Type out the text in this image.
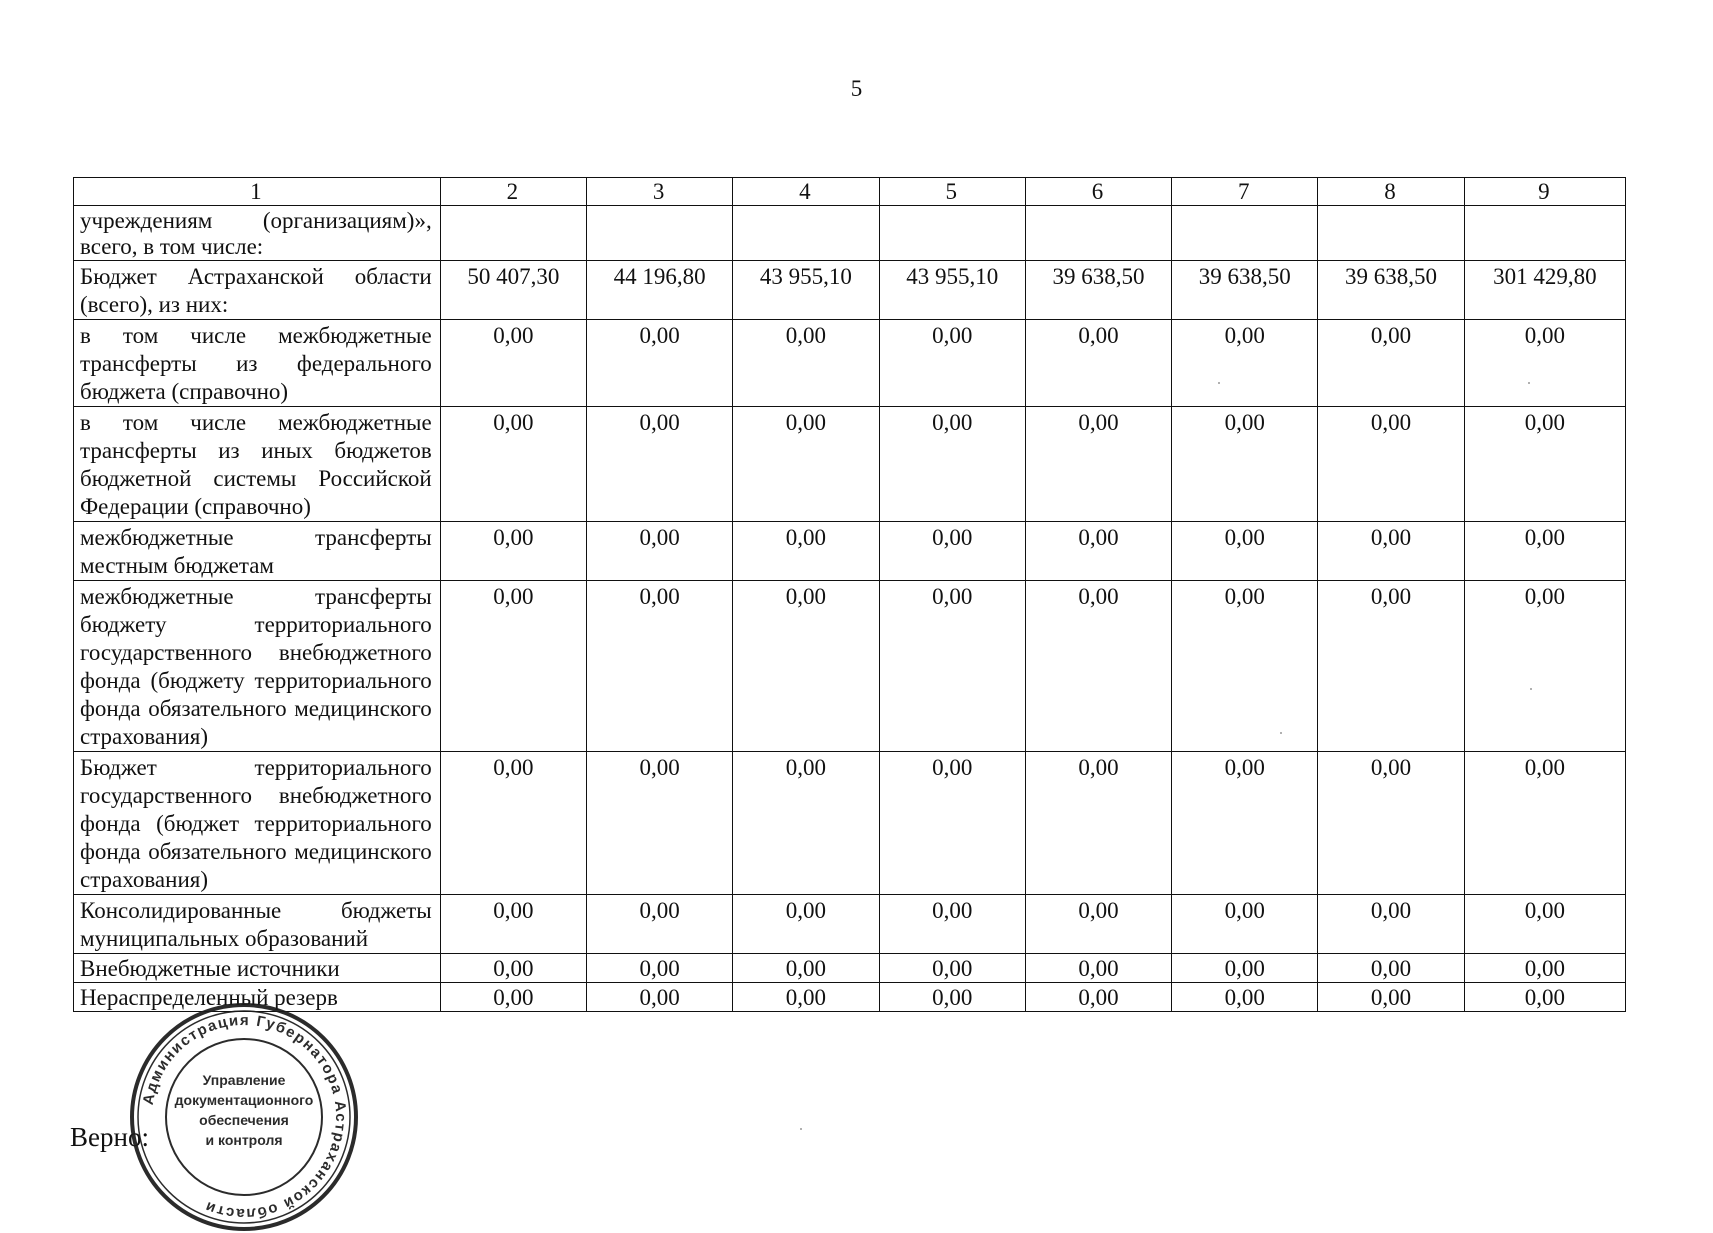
5
1	2	3	4	5	6	7	8	9
учреждениям (организациям)», всего, в том числе:								
Бюджет Астраханской области (всего), из них:	50 407,30	44 196,80	43 955,10	43 955,10	39 638,50	39 638,50	39 638,50	301 429,80
в том числе межбюджетные трансферты из федерального бюджета (справочно)	0,00	0,00	0,00	0,00	0,00	0,00	0,00	0,00
в том числе межбюджетные трансферты из иных бюджетов бюджетной системы Российской Федерации (справочно)	0,00	0,00	0,00	0,00	0,00	0,00	0,00	0,00
межбюджетные трансферты местным бюджетам	0,00	0,00	0,00	0,00	0,00	0,00	0,00	0,00
межбюджетные трансферты бюджету территориального государственного внебюджетного фонда (бюджету территориального фонда обязательного медицинского страхования)	0,00	0,00	0,00	0,00	0,00	0,00	0,00	0,00
Бюджет территориального государственного внебюджетного фонда (бюджет территориального фонда обязательного медицинского страхования)	0,00	0,00	0,00	0,00	0,00	0,00	0,00	0,00
Консолидированные бюджеты муниципальных образований	0,00	0,00	0,00	0,00	0,00	0,00	0,00	0,00
Внебюджетные источники	0,00	0,00	0,00	0,00	0,00	0,00	0,00	0,00
Нераспределенный резерв	0,00	0,00	0,00	0,00	0,00	0,00	0,00	0,00
Верно:
Администрация Губернатора Астраханской области
Управление
документационного
обеспечения
и контроля
